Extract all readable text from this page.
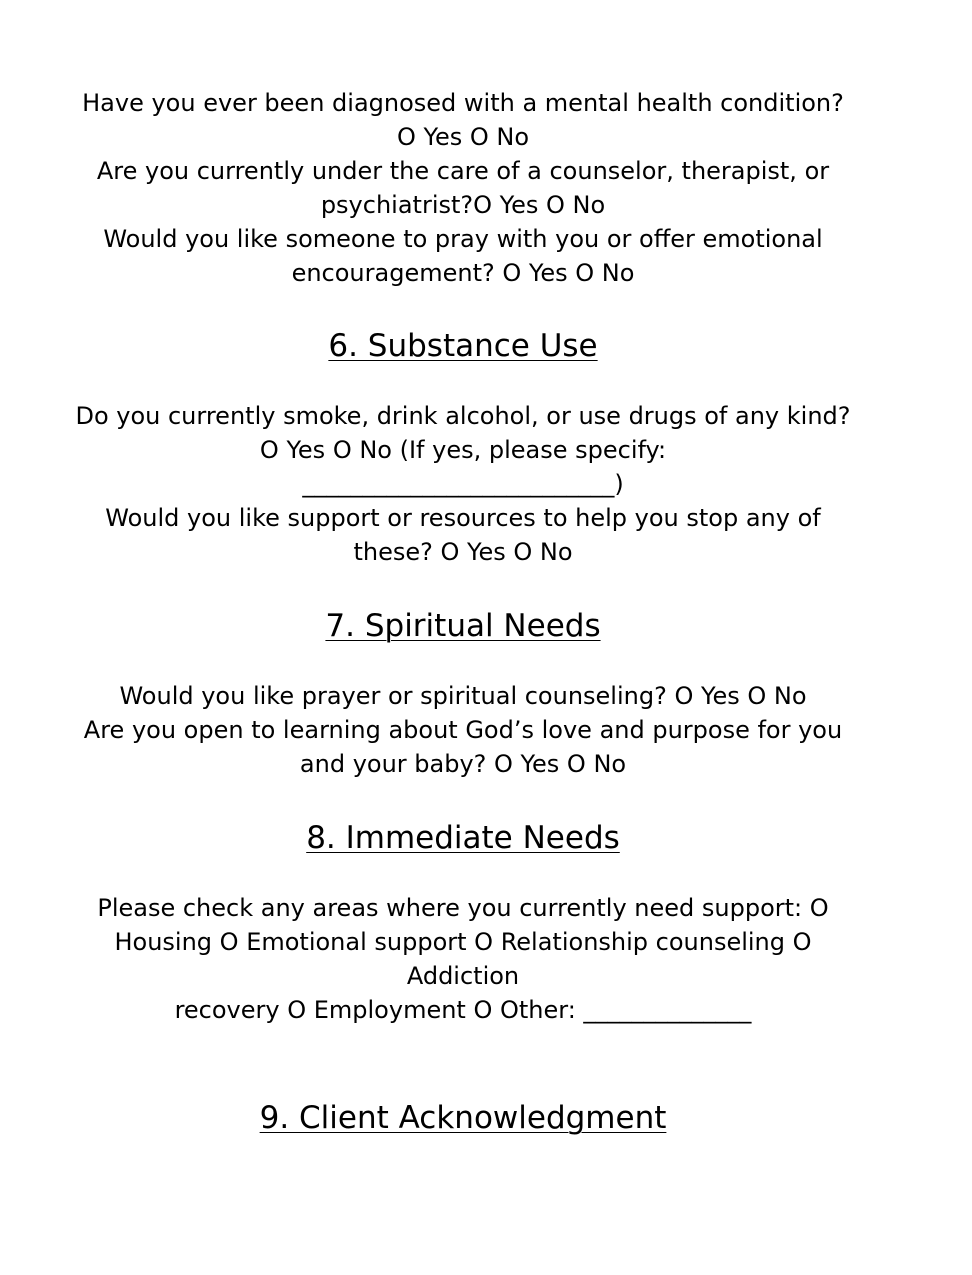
Have you ever been diagnosed with a mental health condition?

O Yes O No

Are you currently under the care of a counselor, therapist, or

psychiatrist?O Yes O No

Would you like someone to pray with you or offer emotional

encouragement? O Yes O No

6. Substance Use

Do you currently smoke, drink alcohol, or use drugs of any kind?

O Yes O No (If yes, please specify:

__________________________)

Would you like support or resources to help you stop any of

these? O Yes O No

7. Spiritual Needs

Would you like prayer or spiritual counseling? O Yes O No

Are you open to learning about God’s love and purpose for you

and your baby? O Yes O No

8. Immediate Needs

Please check any areas where you currently need support: O

Housing O Emotional support O Relationship counseling O

Addiction

recovery O Employment O Other: ______________

9. Client Acknowledgment
